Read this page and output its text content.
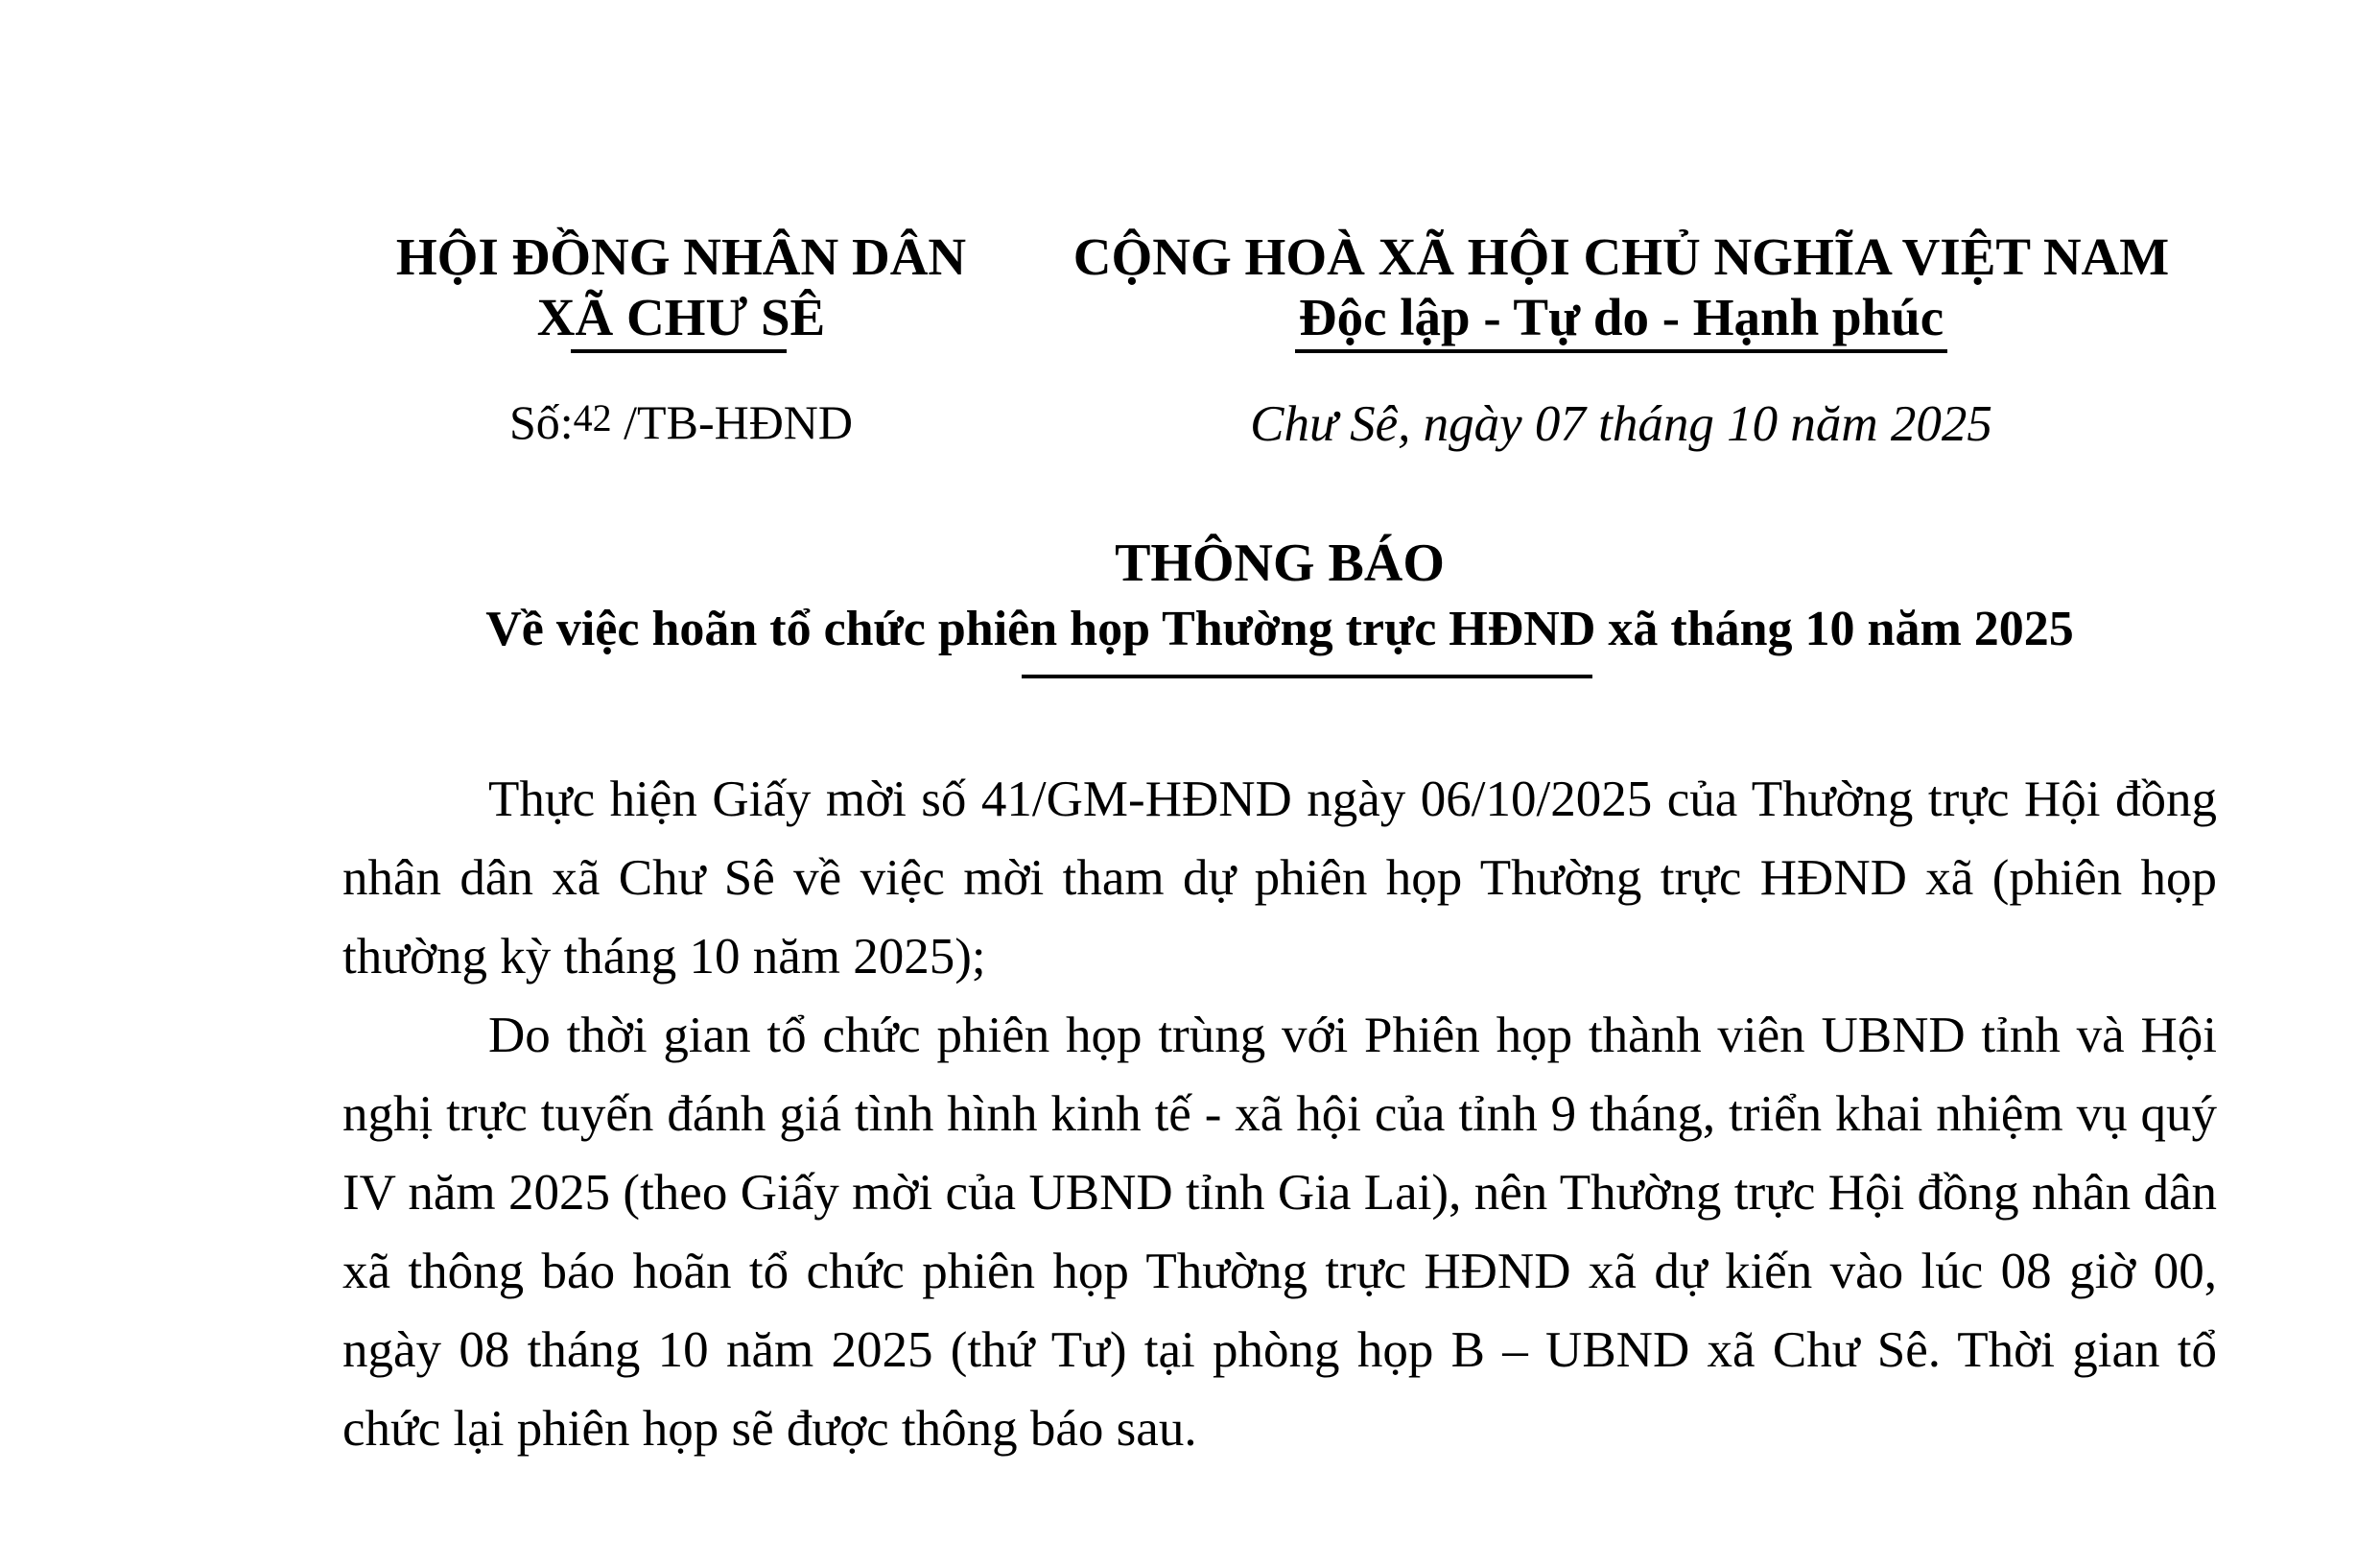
HỘI ĐỒNG NHÂN DÂN
XÃ CHƯ SÊ
Số:$^{42}$ /TB-HĐND
CỘNG HOÀ XÃ HỘI CHỦ NGHĨA VIỆT NAM
Độc lập - Tự do - Hạnh phúc
Chư Sê, ngày 07 tháng 10 năm 2025
THÔNG BÁO
Về việc hoãn tổ chức phiên họp Thường trực HĐND xã tháng 10 năm 2025

Thực hiện Giấy mời số 41/GM-HĐND ngày 06/10/2025 của Thường trực Hội đồng nhân dân xã Chư Sê về việc mời tham dự phiên họp Thường trực HĐND xã (phiên họp thường kỳ tháng 10 năm 2025);

Do thời gian tổ chức phiên họp trùng với Phiên họp thành viên UBND tỉnh và Hội nghị trực tuyến đánh giá tình hình kinh tế - xã hội của tỉnh 9 tháng, triển khai nhiệm vụ quý IV năm 2025 (theo Giấy mời của UBND tỉnh Gia Lai), nên Thường trực Hội đồng nhân dân xã thông báo hoãn tổ chức phiên họp Thường trực HĐND xã dự kiến vào lúc 08 giờ 00, ngày 08 tháng 10 năm 2025 (thứ Tư) tại phòng họp B – UBND xã Chư Sê. Thời gian tổ chức lại phiên họp sẽ được thông báo sau.
